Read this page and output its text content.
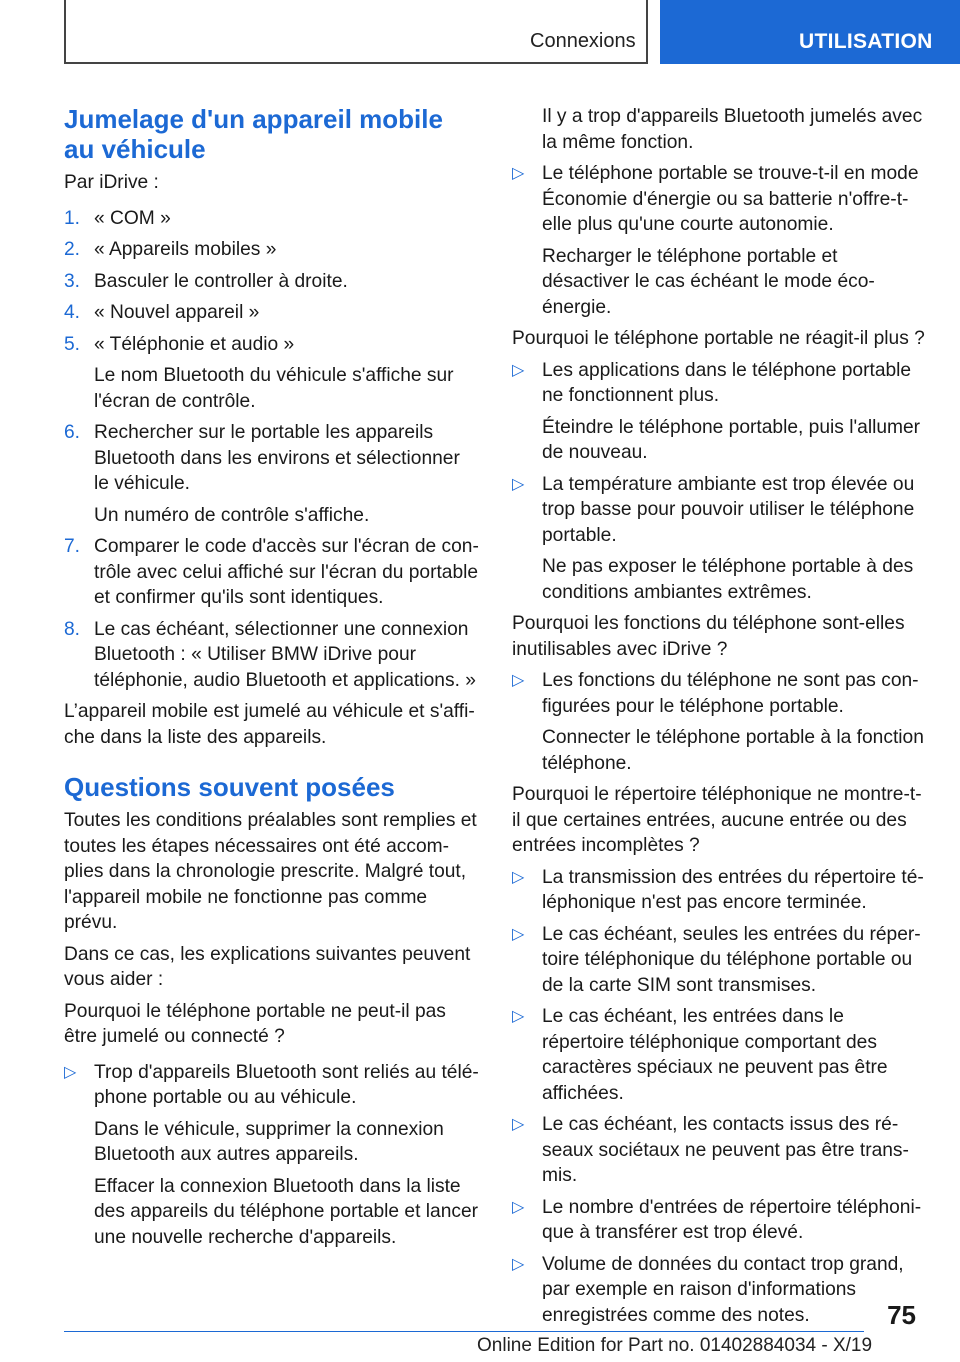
Connexions	UTILISATION
Jumelage d'un appareil mobile au véhicule

Par iDrive :

1. « COM »

2. « Appareils mobiles »

3. Basculer le controller à droite.

4. « Nouvel appareil »

5. « Téléphonie et audio »

Le nom Bluetooth du véhicule s'affiche sur l'écran de contrôle.

6. Rechercher sur le portable les appareils Bluetooth dans les environs et sélectionner le véhicule.

Un numéro de contrôle s'affiche.

7. Comparer le code d'accès sur l'écran de contrôle avec celui affiché sur l'écran du portable et confirmer qu'ils sont identiques.

8. Le cas échéant, sélectionner une connexion Bluetooth : « Utiliser BMW iDrive pour téléphonie, audio Bluetooth et applications. »

L’appareil mobile est jumelé au véhicule et s'affiche dans la liste des appareils.

Questions souvent posées

Toutes les conditions préalables sont remplies et toutes les étapes nécessaires ont été accomplies dans la chronologie prescrite. Malgré tout, l'appareil mobile ne fonctionne pas comme prévu.

Dans ce cas, les explications suivantes peuvent vous aider :

Pourquoi le téléphone portable ne peut-il pas être jumelé ou connecté ?

▷ Trop d'appareils Bluetooth sont reliés au téléphone portable ou au véhicule.

Dans le véhicule, supprimer la connexion Bluetooth aux autres appareils.

Effacer la connexion Bluetooth dans la liste des appareils du téléphone portable et lancer une nouvelle recherche d'appareils.

Il y a trop d'appareils Bluetooth jumelés avec la même fonction.

▷ Le téléphone portable se trouve-t-il en mode Économie d'énergie ou sa batterie n'offre-t-elle plus qu'une courte autonomie.

Recharger le téléphone portable et désactiver le cas échéant le mode éco-énergie.

Pourquoi le téléphone portable ne réagit-il plus ?

▷ Les applications dans le téléphone portable ne fonctionnent plus.

Éteindre le téléphone portable, puis l'allumer de nouveau.

▷ La température ambiante est trop élevée ou trop basse pour pouvoir utiliser le téléphone portable.

Ne pas exposer le téléphone portable à des conditions ambiantes extrêmes.

Pourquoi les fonctions du téléphone sont-elles inutilisables avec iDrive ?

▷ Les fonctions du téléphone ne sont pas configurées pour le téléphone portable.

Connecter le téléphone portable à la fonction téléphone.

Pourquoi le répertoire téléphonique ne montre-t-il que certaines entrées, aucune entrée ou des entrées incomplètes ?

▷ La transmission des entrées du répertoire téléphonique n'est pas encore terminée.

▷ Le cas échéant, seules les entrées du répertoire téléphonique du téléphone portable ou de la carte SIM sont transmises.

▷ Le cas échéant, les entrées dans le répertoire téléphonique comportant des caractères spéciaux ne peuvent pas être affichées.

▷ Le cas échéant, les contacts issus des réseaux sociétaux ne peuvent pas être transmis.

▷ Le nombre d'entrées de répertoire téléphonique à transférer est trop élevé.

▷ Volume de données du contact trop grand, par exemple en raison d'informations enregistrées comme des notes.	75
Online Edition for Part no. 01402884034 - X/19
